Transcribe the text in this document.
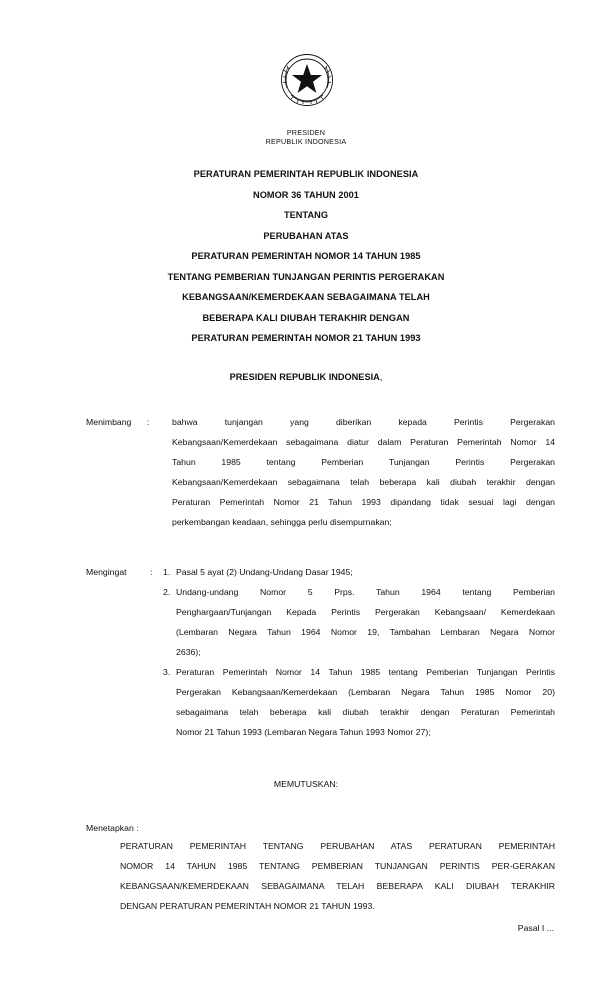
PRESIDEN
REPUBLIK INDONESIA
PERATURAN PEMERINTAH REPUBLIK INDONESIA
NOMOR 36 TAHUN 2001
TENTANG
PERUBAHAN ATAS
PERATURAN PEMERINTAH NOMOR 14 TAHUN 1985
TENTANG PEMBERIAN TUNJANGAN PERINTIS PERGERAKAN
KEBANGSAAN/KEMERDEKAAN SEBAGAIMANA TELAH
BEBERAPA KALI DIUBAH TERAKHIR DENGAN
PERATURAN PEMERINTAH NOMOR 21 TAHUN 1993
PRESIDEN REPUBLIK INDONESIA,
Menimbang :	bahwa tunjangan yang diberikan kepada Perintis Pergerakan
Kebangsaan/Kemerdekaan sebagaimana diatur dalam Peraturan Pemerintah Nomor 14
Tahun 1985 tentang Pemberian Tunjangan Perintis Pergerakan
Kebangsaan/Kemerdekaan sebagaimana telah beberapa kali diubah terakhir dengan
Peraturan Pemerintah Nomor 21 Tahun 1993 dipandang tidak sesuai lagi dengan
perkembangan keadaan, sehingga perlu disempurnakan;
Mengingat	: 1. Pasal 5 ayat (2) Undang-Undang Dasar 1945;
2. Undang-undang Nomor 5 Prps. Tahun 1964 tentang Pemberian
Penghargaan/Tunjangan Kepada Perintis Pergerakan Kebangsaan/ Kemerdekaan
(Lembaran Negara Tahun 1964 Nomor 19, Tambahan Lembaran Negara Nomor
2636);
3. Peraturan Pemerintah Nomor 14 Tahun 1985 tentang Pemberian Tunjangan Perintis
Pergerakan Kebangsaan/Kemerdekaan (Lembaran Negara Tahun 1985 Nomor 20)
sebagaimana telah beberapa kali diubah terakhir dengan Peraturan Pemerintah
Nomor 21 Tahun 1993 (Lembaran Negara Tahun 1993 Nomor 27);
MEMUTUSKAN:
Menetapkan :
PERATURAN PEMERINTAH TENTANG PERUBAHAN ATAS PERATURAN PEMERINTAH
NOMOR 14 TAHUN 1985 TENTANG PEMBERIAN TUNJANGAN PERINTIS PER-GERAKAN
KEBANGSAAN/KEMERDEKAAN SEBAGAIMANA TELAH BEBERAPA KALI DIUBAH TERAKHIR
DENGAN PERATURAN PEMERINTAH NOMOR 21 TAHUN 1993.
Pasal I ...
